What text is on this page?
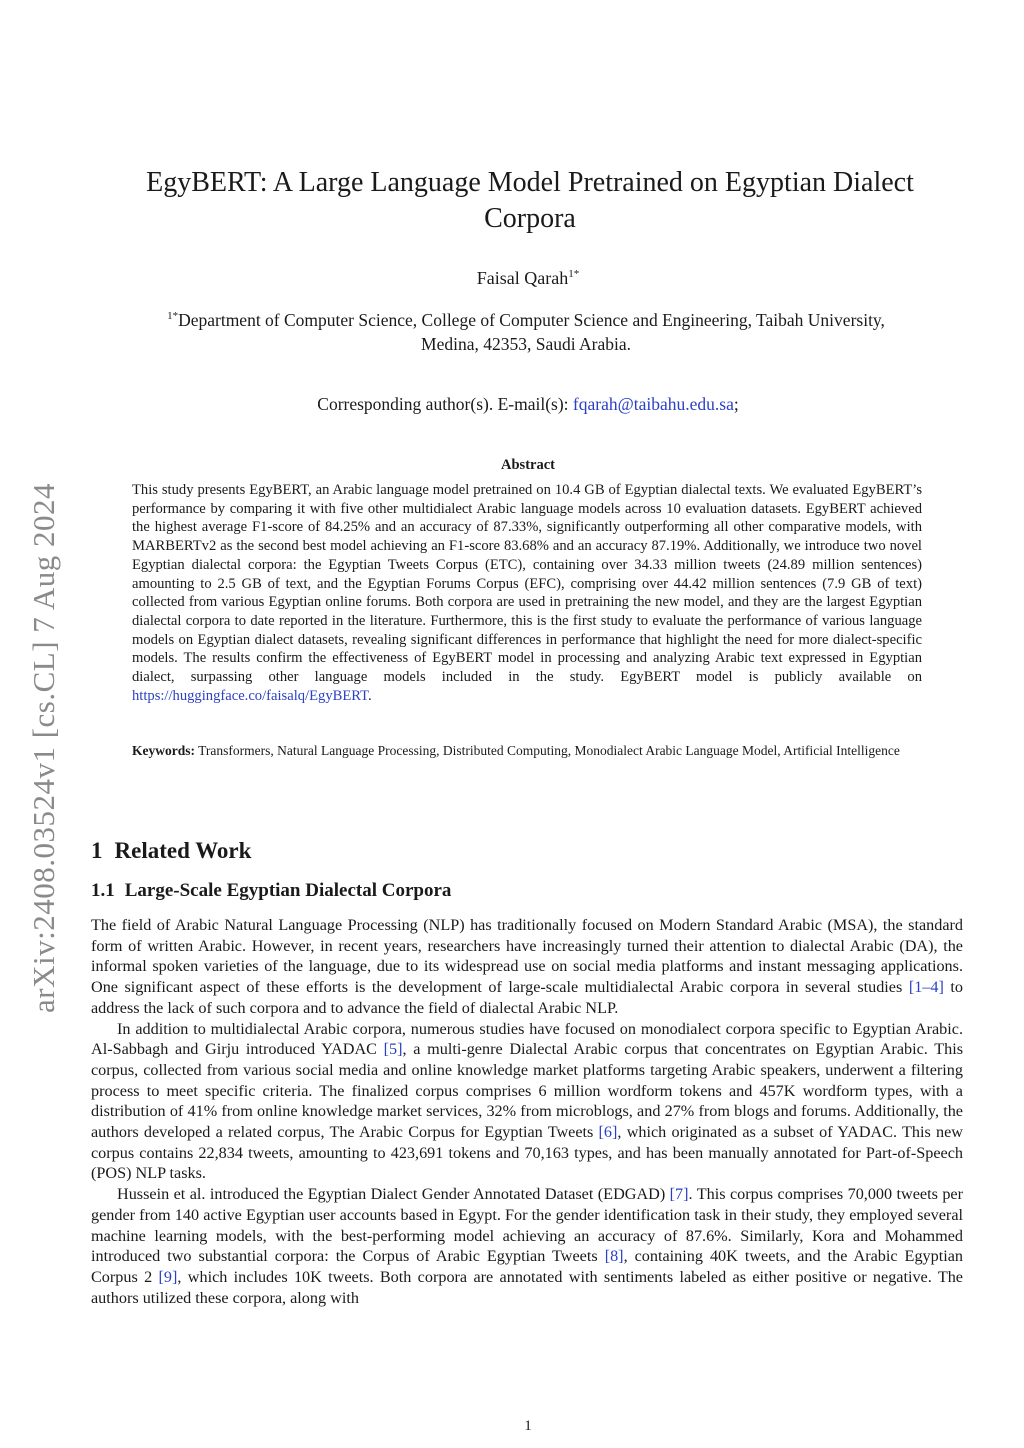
arXiv:2408.03524v1 [cs.CL] 7 Aug 2024
EgyBERT: A Large Language Model Pretrained on Egyptian Dialect Corpora
Faisal Qarah$^{1*}$
$^{1*}$Department of Computer Science, College of Computer Science and Engineering, Taibah University, Medina, 42353, Saudi Arabia.
Corresponding author(s). E-mail(s): fqarah@taibahu.edu.sa;
Abstract

This study presents EgyBERT, an Arabic language model pretrained on 10.4 GB of Egyptian dialectal texts. We evaluated EgyBERT’s performance by comparing it with five other multidialect Arabic language models across 10 evaluation datasets. EgyBERT achieved the highest average F1-score of 84.25% and an accuracy of 87.33%, significantly outperforming all other comparative models, with MARBERTv2 as the second best model achieving an F1-score 83.68% and an accuracy 87.19%. Additionally, we introduce two novel Egyptian dialectal corpora: the Egyptian Tweets Corpus (ETC), containing over 34.33 million tweets (24.89 million sentences) amounting to 2.5 GB of text, and the Egyptian Forums Corpus (EFC), comprising over 44.42 million sentences (7.9 GB of text) collected from various Egyptian online forums. Both corpora are used in pretraining the new model, and they are the largest Egyptian dialectal corpora to date reported in the literature. Furthermore, this is the first study to evaluate the performance of various language models on Egyptian dialect datasets, revealing significant differences in performance that highlight the need for more dialect-specific models. The results confirm the effectiveness of EgyBERT model in processing and analyzing Arabic text expressed in Egyptian dialect, surpassing other language models included in the study. EgyBERT model is publicly available on https://huggingface.co/faisalq/EgyBERT.

Keywords: Transformers, Natural Language Processing, Distributed Computing, Monodialect Arabic Language Model, Artificial Intelligence

1 Related Work
1.1 Large-Scale Egyptian Dialectal Corpora

The field of Arabic Natural Language Processing (NLP) has traditionally focused on Modern Standard Arabic (MSA), the standard form of written Arabic. However, in recent years, researchers have increasingly turned their attention to dialectal Arabic (DA), the informal spoken varieties of the language, due to its widespread use on social media platforms and instant messaging applications. One significant aspect of these efforts is the development of large-scale multidialectal Arabic corpora in several studies [1–4] to address the lack of such corpora and to advance the field of dialectal Arabic NLP.

In addition to multidialectal Arabic corpora, numerous studies have focused on monodialect corpora specific to Egyptian Arabic. Al-Sabbagh and Girju introduced YADAC [5], a multi-genre Dialectal Arabic corpus that concentrates on Egyptian Arabic. This corpus, collected from various social media and online knowledge market platforms targeting Arabic speakers, underwent a filtering process to meet specific criteria. The finalized corpus comprises 6 million wordform tokens and 457K wordform types, with a distribution of 41% from online knowledge market services, 32% from microblogs, and 27% from blogs and forums. Additionally, the authors developed a related corpus, The Arabic Corpus for Egyptian Tweets [6], which originated as a subset of YADAC. This new corpus contains 22,834 tweets, amounting to 423,691 tokens and 70,163 types, and has been manually annotated for Part-of-Speech (POS) NLP tasks.

Hussein et al. introduced the Egyptian Dialect Gender Annotated Dataset (EDGAD) [7]. This corpus comprises 70,000 tweets per gender from 140 active Egyptian user accounts based in Egypt. For the gender identification task in their study, they employed several machine learning models, with the best-performing model achieving an accuracy of 87.6%. Similarly, Kora and Mohammed introduced two substantial corpora: the Corpus of Arabic Egyptian Tweets [8], containing 40K tweets, and the Arabic Egyptian Corpus 2 [9], which includes 10K tweets. Both corpora are annotated with sentiments labeled as either positive or negative. The authors utilized these corpora, along with

1
